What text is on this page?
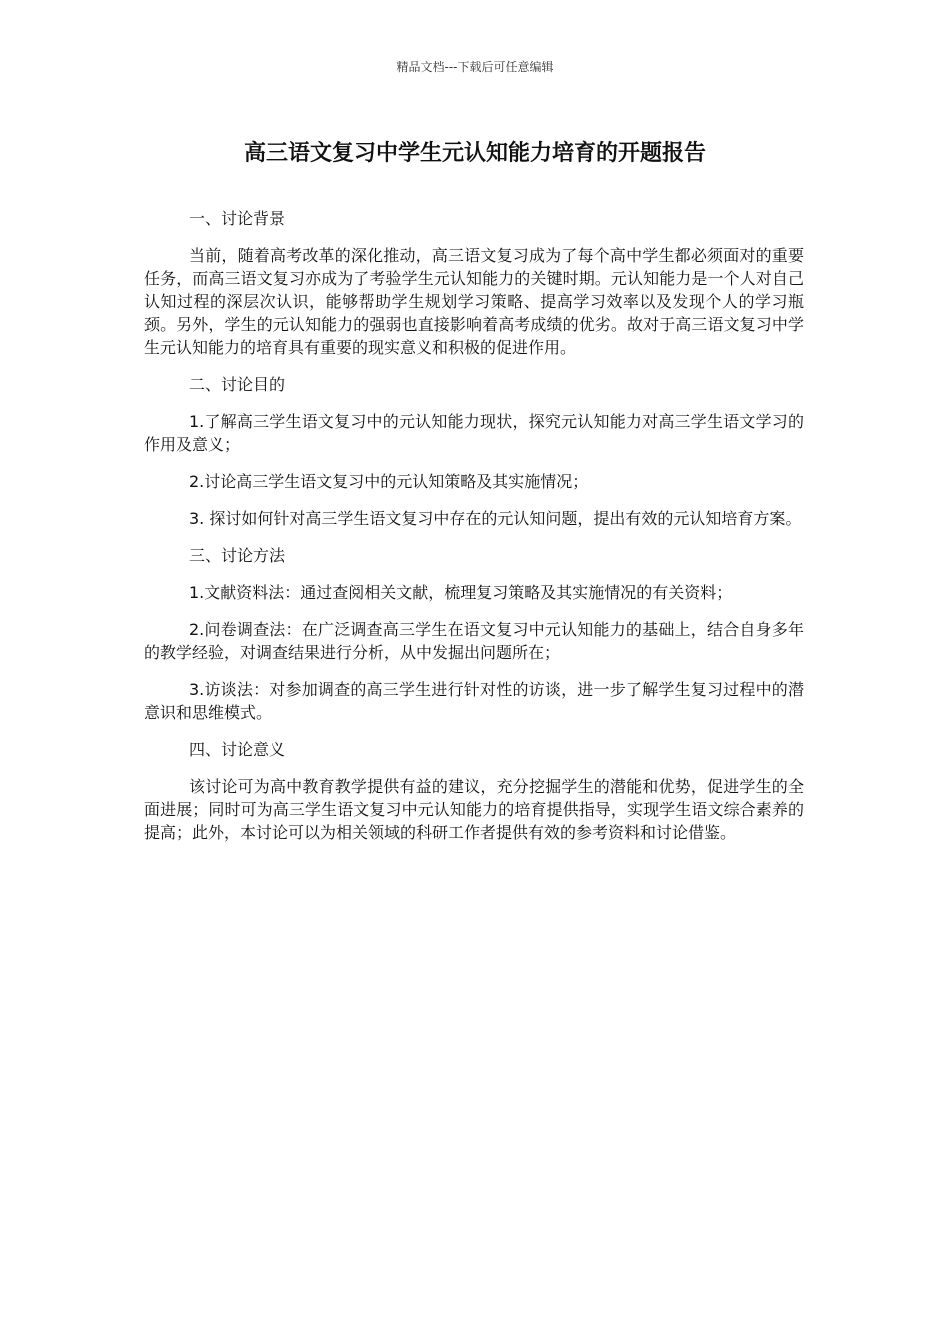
精品文档---下载后可任意编辑
高三语文复习中学生元认知能力培育的开题报告
一、讨论背景
当前，随着高考改革的深化推动，高三语文复习成为了每个高中学生都必须面对的重要任务，而高三语文复习亦成为了考验学生元认知能力的关键时期。元认知能力是一个人对自己认知过程的深层次认识，能够帮助学生规划学习策略、提高学习效率以及发现个人的学习瓶颈。另外，学生的元认知能力的强弱也直接影响着高考成绩的优劣。故对于高三语文复习中学生元认知能力的培育具有重要的现实意义和积极的促进作用。
二、讨论目的
1.了解高三学生语文复习中的元认知能力现状，探究元认知能力对高三学生语文学习的作用及意义；
2.讨论高三学生语文复习中的元认知策略及其实施情况；
3. 探讨如何针对高三学生语文复习中存在的元认知问题，提出有效的元认知培育方案。
三、讨论方法
1.文献资料法：通过查阅相关文献，梳理复习策略及其实施情况的有关资料；
2.问卷调查法：在广泛调查高三学生在语文复习中元认知能力的基础上，结合自身多年的教学经验，对调查结果进行分析，从中发掘出问题所在；
3.访谈法：对参加调查的高三学生进行针对性的访谈，进一步了解学生复习过程中的潜意识和思维模式。
四、讨论意义
该讨论可为高中教育教学提供有益的建议，充分挖掘学生的潜能和优势，促进学生的全面进展；同时可为高三学生语文复习中元认知能力的培育提供指导，实现学生语文综合素养的提高；此外，本讨论可以为相关领域的科研工作者提供有效的参考资料和讨论借鉴。
